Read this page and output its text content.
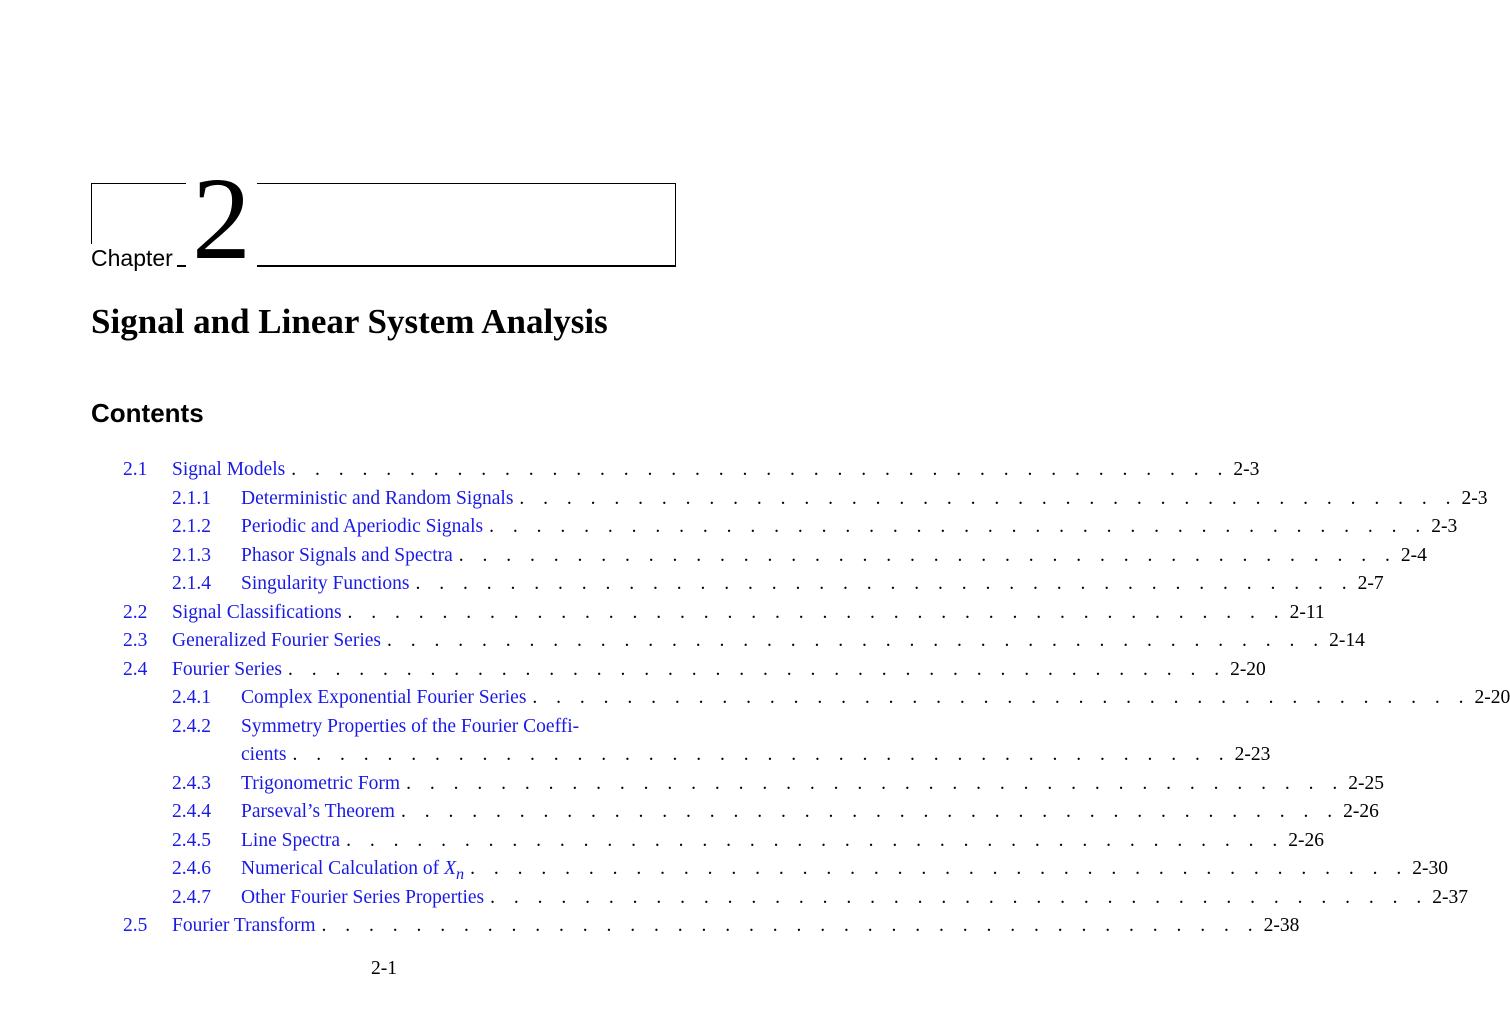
Chapter 2
Signal and Linear System Analysis
Contents
2.1 Signal Models . . . . . . . . . . . . . . . . . . . . . . . . . . . . . . . . . . . . . . . . 2-3
2.1.1 Deterministic and Random Signals . . . . . . . . . . . . . . . . . . . . . . . . . . . . . . . . . . . . . . . . 2-3
2.1.2 Periodic and Aperiodic Signals . . . . . . . . . . . . . . . . . . . . . . . . . . . . . . . . . . . . . . . . 2-3
2.1.3 Phasor Signals and Spectra . . . . . . . . . . . . . . . . . . . . . . . . . . . . . . . . . . . . . . . . 2-4
2.1.4 Singularity Functions . . . . . . . . . . . . . . . . . . . . . . . . . . . . . . . . . . . . . . . . 2-7
2.2 Signal Classifications . . . . . . . . . . . . . . . . . . . . . . . . . . . . . . . . . . . . . . . . 2-11
2.3 Generalized Fourier Series . . . . . . . . . . . . . . . . . . . . . . . . . . . . . . . . . . . . . . . . 2-14
2.4 Fourier Series . . . . . . . . . . . . . . . . . . . . . . . . . . . . . . . . . . . . . . . . 2-20
2.4.1 Complex Exponential Fourier Series . . . . . . . . . . . . . . . . . . . . . . . . . . . . . . . . . . . . . . . . 2-20
2.4.2 Symmetry Properties of the Fourier Coeffi-
cients . . . . . . . . . . . . . . . . . . . . . . . . . . . . . . . . . . . . . . . . 2-23
2.4.3 Trigonometric Form . . . . . . . . . . . . . . . . . . . . . . . . . . . . . . . . . . . . . . . . 2-25
2.4.4 Parseval’s Theorem . . . . . . . . . . . . . . . . . . . . . . . . . . . . . . . . . . . . . . . . 2-26
2.4.5 Line Spectra . . . . . . . . . . . . . . . . . . . . . . . . . . . . . . . . . . . . . . . . 2-26
2.4.6 Numerical Calculation of $X_n$ . . . . . . . . . . . . . . . . . . . . . . . . . . . . . . . . . . . . . . . . 2-30
2.4.7 Other Fourier Series Properties . . . . . . . . . . . . . . . . . . . . . . . . . . . . . . . . . . . . . . . . 2-37
2.5 Fourier Transform . . . . . . . . . . . . . . . . . . . . . . . . . . . . . . . . . . . . . . . . 2-38
2-1
